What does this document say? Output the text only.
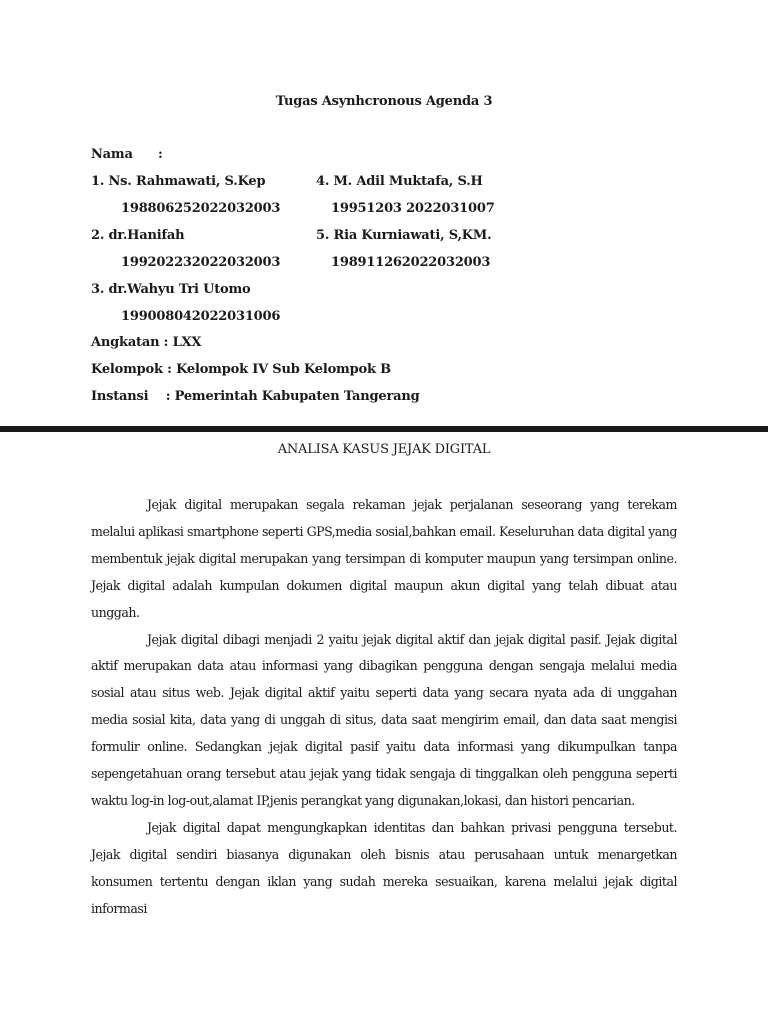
Tugas Asynhcronous Agenda 3
Nama :
1. Ns. Rahmawati, S.Kep
198806252022032003
2. dr.Hanifah
199202232022032003
3. dr.Wahyu Tri Utomo
199008042022031006
4. M. Adil Muktafa, S.H
19951203 2022031007
5. Ria Kurniawati, S,KM.
198911262022032003
Angkatan : LXX
Kelompok : Kelompok IV Sub Kelompok B
Instansi    : Pemerintah Kabupaten Tangerang
ANALISA KASUS JEJAK DIGITAL

Jejak digital merupakan segala rekaman jejak perjalanan seseorang yang terekam melalui aplikasi smartphone seperti GPS,media sosial,bahkan email. Keseluruhan data digital yang membentuk jejak digital merupakan yang tersimpan di komputer maupun yang tersimpan online. Jejak digital adalah kumpulan dokumen digital maupun akun digital yang telah dibuat atau unggah.

Jejak digital dibagi menjadi 2 yaitu jejak digital aktif dan jejak digital pasif. Jejak digital aktif merupakan data atau informasi yang dibagikan pengguna dengan sengaja melalui media sosial atau situs web. Jejak digital aktif yaitu seperti data yang secara nyata ada di unggahan media sosial kita, data yang di unggah di situs, data saat mengirim email, dan data saat mengisi formulir online. Sedangkan jejak digital pasif yaitu data informasi yang dikumpulkan tanpa sepengetahuan orang tersebut atau jejak yang tidak sengaja di tinggalkan oleh pengguna seperti waktu log-in log-out,alamat IP,jenis perangkat yang digunakan,lokasi, dan histori pencarian.

Jejak digital dapat mengungkapkan identitas dan bahkan privasi pengguna tersebut. Jejak digital sendiri biasanya digunakan oleh bisnis atau perusahaan untuk menargetkan konsumen tertentu dengan iklan yang sudah mereka sesuaikan, karena melalui jejak digital informasi
